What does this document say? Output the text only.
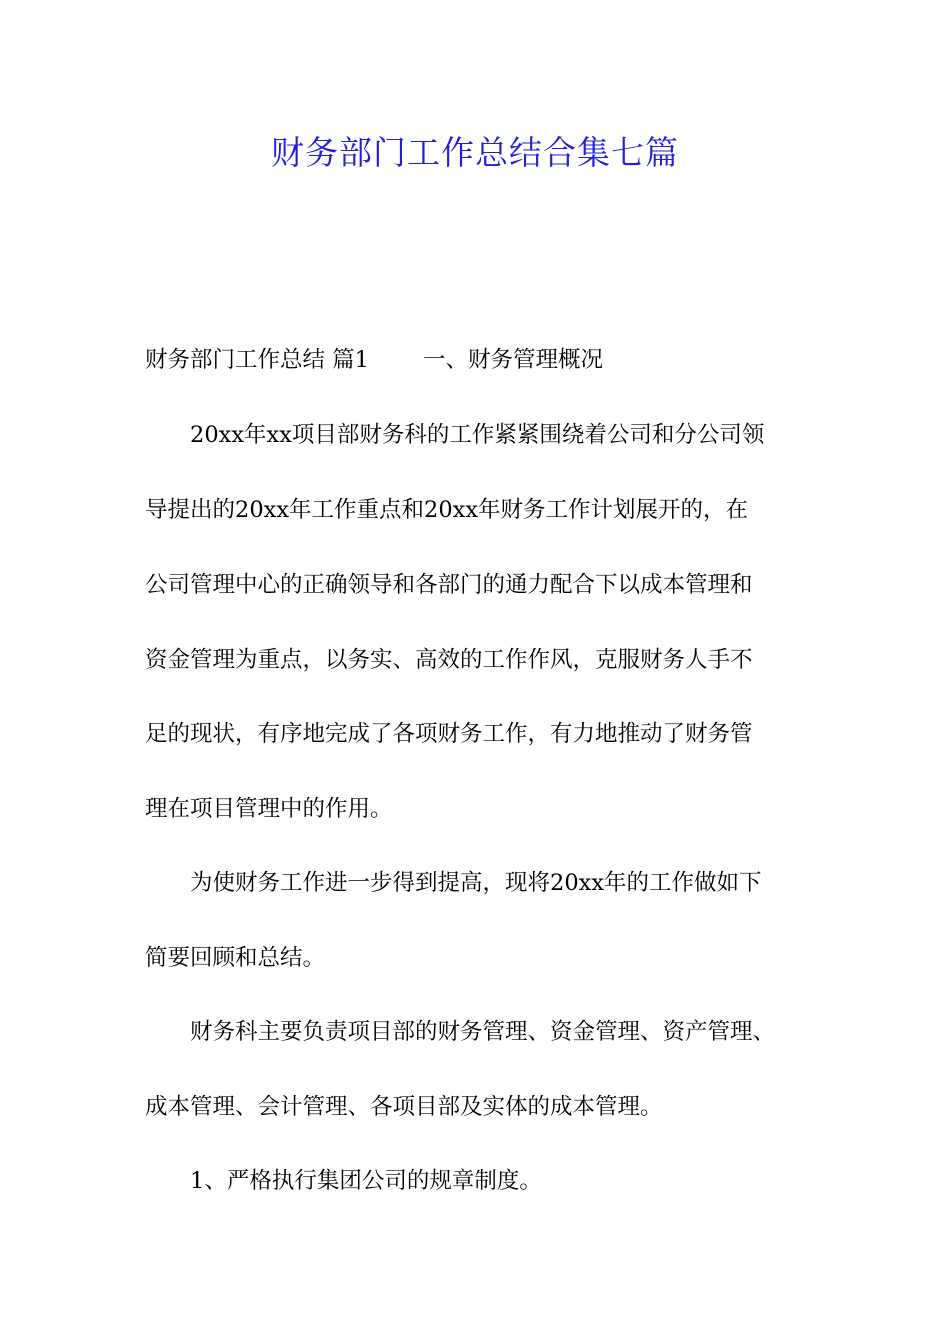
财务部门工作总结合集七篇

财务部门工作总结 篇1 一、财务管理概况

20xx年xx项目部财务科的工作紧紧围绕着公司和分公司领

导提出的20xx年工作重点和20xx年财务工作计划展开的，在

公司管理中心的正确领导和各部门的通力配合下以成本管理和

资金管理为重点，以务实、高效的工作作风，克服财务人手不

足的现状，有序地完成了各项财务工作，有力地推动了财务管

理在项目管理中的作用。

为使财务工作进一步得到提高，现将20xx年的工作做如下

简要回顾和总结。

财务科主要负责项目部的财务管理、资金管理、资产管理、

成本管理、会计管理、各项目部及实体的成本管理。

1、严格执行集团公司的规章制度。
